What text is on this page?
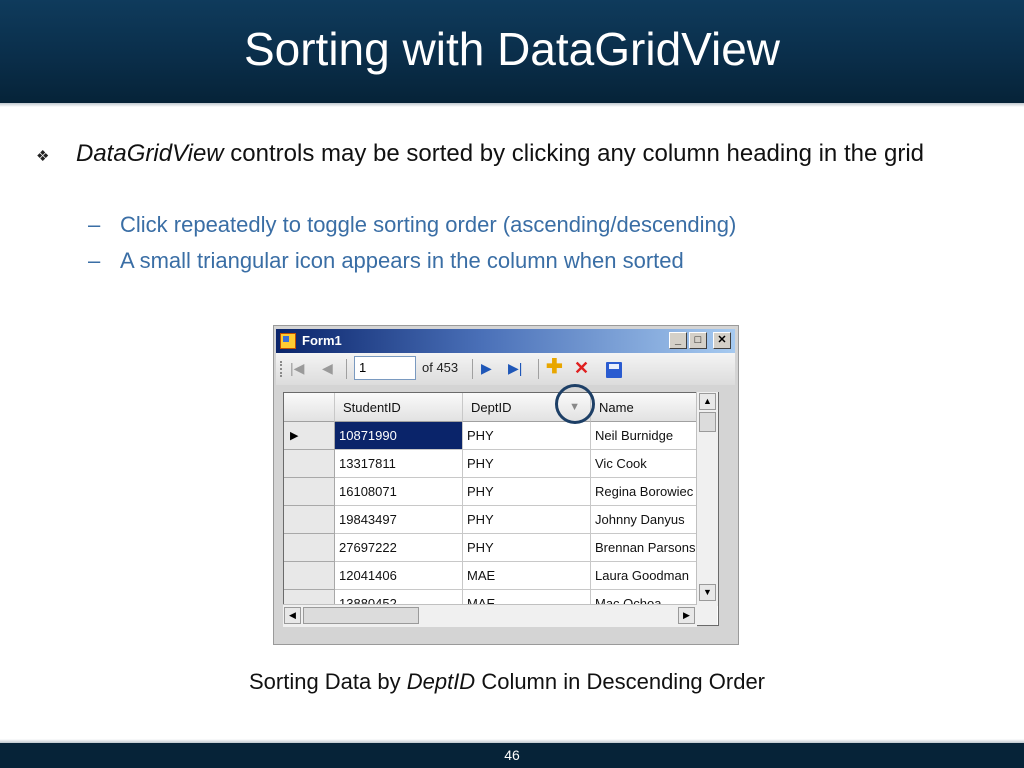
Sorting with DataGridView
❖ DataGridView controls may be sorted by clicking any column heading in the grid
– Click repeatedly to toggle sorting order (ascending/descending)
– A small triangular icon appears in the column when sorted
Form1	_	□	✕
|◀ ◀	▶ ▶| ✚ ✕
1	of 453
StudentID	DeptID	▼	Name
▶	10871990	PHY	Neil Burnidge
13317811	PHY	Vic Cook
16108071	PHY	Regina Borowiec
19843497	PHY	Johnny Danyus
27697222	PHY	Brennan Parsons
12041406	MAE	Laura Goodman
▲
▼
◀	▶
Sorting Data by DeptID Column in Descending Order
46
